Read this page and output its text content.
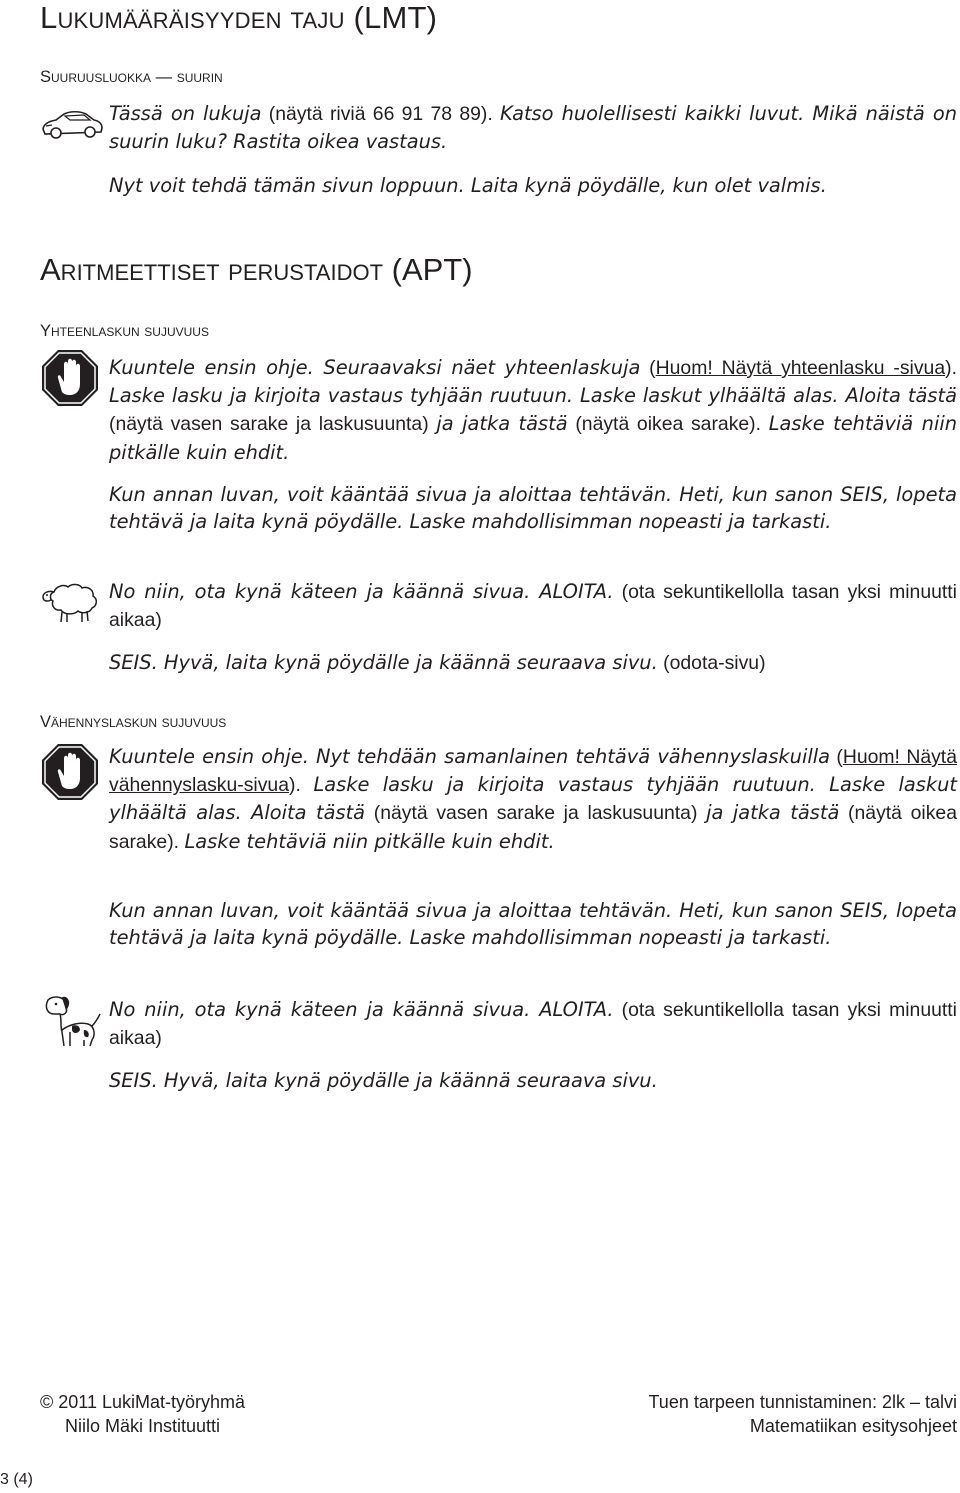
Lukumääräisyyden taju (LMT)
Suuruusluokka — suurin
Tässä on lukuja (näytä riviä 66 91 78 89). Katso huolellisesti kaikki luvut. Mikä näistä on suurin luku? Rastita oikea vastaus.
Nyt voit tehdä tämän sivun loppuun. Laita kynä pöydälle, kun olet valmis.
Aritmeettiset perustaidot (APT)
Yhteenlaskun sujuvuus
Kuuntele ensin ohje. Seuraavaksi näet yhteenlaskuja (Huom! Näytä yhteenlasku -sivua). Laske lasku ja kirjoita vastaus tyhjään ruutuun. Laske laskut ylhäältä alas. Aloita tästä (näytä vasen sarake ja laskusuunta) ja jatka tästä (näytä oikea sarake). Laske tehtäviä niin pitkälle kuin ehdit.
Kun annan luvan, voit kääntää sivua ja aloittaa tehtävän. Heti, kun sanon SEIS, lopeta tehtävä ja laita kynä pöydälle. Laske mahdollisimman nopeasti ja tarkasti.
No niin, ota kynä käteen ja käännä sivua. ALOITA. (ota sekuntikellolla tasan yksi minuutti aikaa)
SEIS. Hyvä, laita kynä pöydälle ja käännä seuraava sivu. (odota-sivu)
Vähennyslaskun sujuvuus
Kuuntele ensin ohje. Nyt tehdään samanlainen tehtävä vähennyslaskuilla (Huom! Näytä vähennyslasku-sivua). Laske lasku ja kirjoita vastaus tyhjään ruutuun. Laske laskut ylhäältä alas. Aloita tästä (näytä vasen sarake ja laskusuunta) ja jatka tästä (näytä oikea sarake). Laske tehtäviä niin pitkälle kuin ehdit.
Kun annan luvan, voit kääntää sivua ja aloittaa tehtävän. Heti, kun sanon SEIS, lopeta tehtävä ja laita kynä pöydälle. Laske mahdollisimman nopeasti ja tarkasti.
No niin, ota kynä käteen ja käännä sivua. ALOITA. (ota sekuntikellolla tasan yksi minuutti aikaa)
SEIS. Hyvä, laita kynä pöydälle ja käännä seuraava sivu.
© 2011 LukiMat-työryhmä
Niilo Mäki Instituutti
Tuen tarpeen tunnistaminen: 2lk – talvi
Matematiikan esitysohjeet
3 (4)
